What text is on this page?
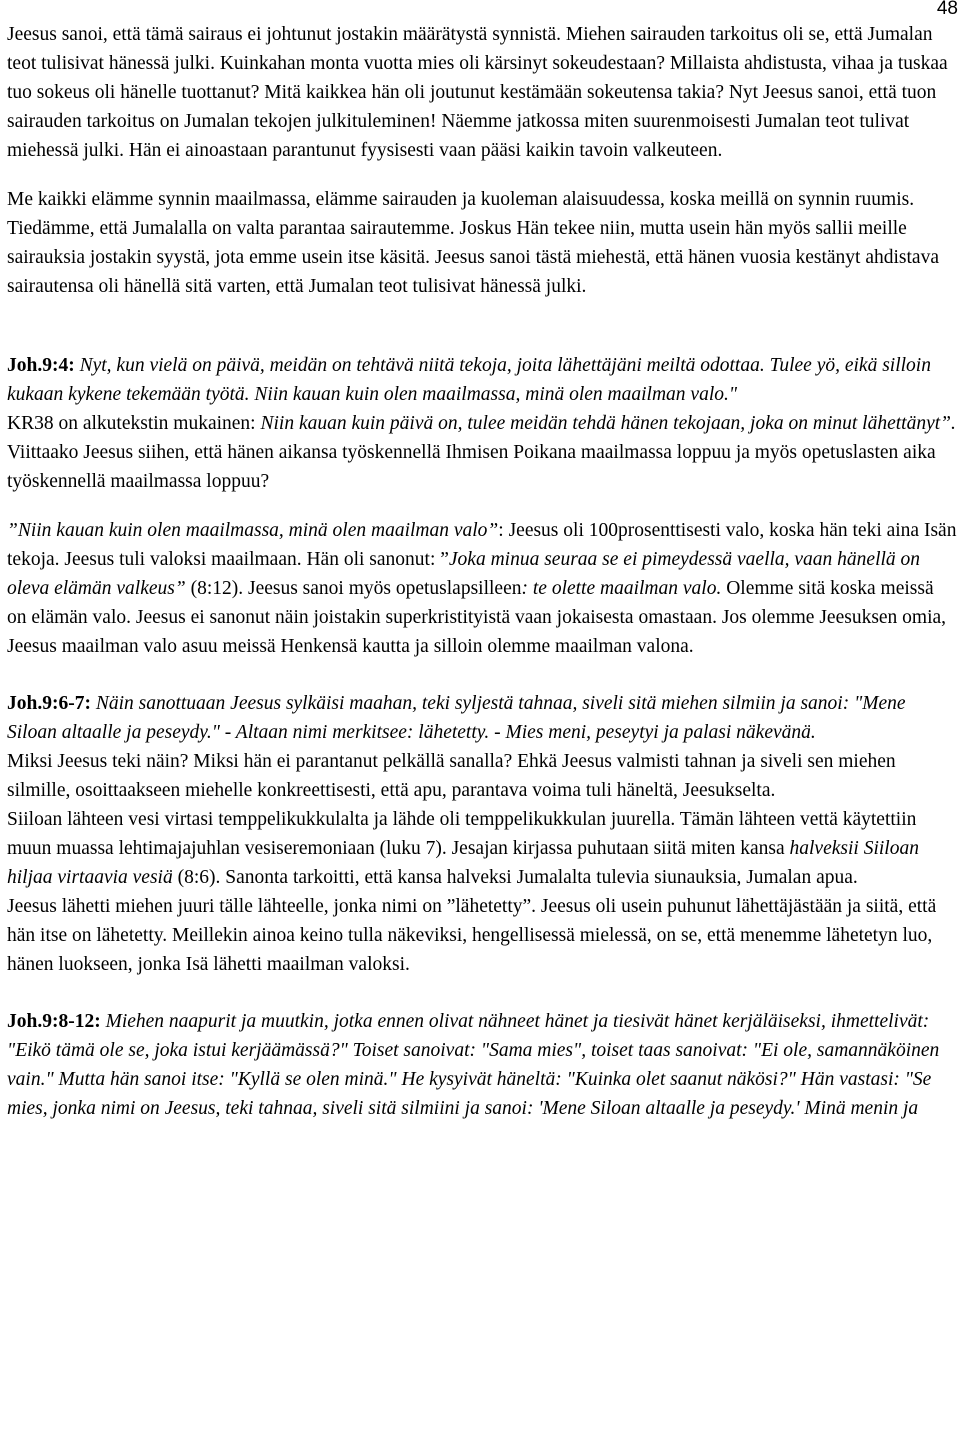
48

Jeesus sanoi, että tämä sairaus ei johtunut jostakin määrätystä synnistä. Miehen sairauden tarkoitus oli se, että Jumalan teot tulisivat hänessä julki. Kuinkahan monta vuotta mies oli kärsinyt sokeudestaan? Millaista ahdistusta, vihaa ja tuskaa tuo sokeus oli hänelle tuottanut? Mitä kaikkea hän oli joutunut kestämään sokeutensa takia? Nyt Jeesus sanoi, että tuon sairauden tarkoitus on Jumalan tekojen julkituleminen! Näemme jatkossa miten suurenmoisesti Jumalan teot tulivat miehessä julki. Hän ei ainoastaan parantunut fyysisesti vaan pääsi kaikin tavoin valkeuteen.

Me kaikki elämme synnin maailmassa, elämme sairauden ja kuoleman alaisuudessa, koska meillä on synnin ruumis. Tiedämme, että Jumalalla on valta parantaa sairautemme. Joskus Hän tekee niin, mutta usein hän myös sallii meille sairauksia jostakin syystä, jota emme usein itse käsitä. Jeesus sanoi tästä miehestä, että hänen vuosia kestänyt ahdistava sairautensa oli hänellä sitä varten, että Jumalan teot tulisivat hänessä julki.

Joh.9:4: Nyt, kun vielä on päivä, meidän on tehtävä niitä tekoja, joita lähettäjäni meiltä odottaa. Tulee yö, eikä silloin kukaan kykene tekemään työtä. Niin kauan kuin olen maailmassa, minä olen maailman valo."

KR38 on alkutekstin mukainen: Niin kauan kuin päivä on, tulee meidän tehdä hänen tekojaan, joka on minut lähettänyt”. Viittaako Jeesus siihen, että hänen aikansa työskennellä Ihmisen Poikana maailmassa loppuu ja myös opetuslasten aika työskennellä maailmassa loppuu?

”Niin kauan kuin olen maailmassa, minä olen maailman valo”: Jeesus oli 100prosenttisesti valo, koska hän teki aina Isän tekoja. Jeesus tuli valoksi maailmaan. Hän oli sanonut: ”Joka minua seuraa se ei pimeydessä vaella, vaan hänellä on oleva elämän valkeus” (8:12). Jeesus sanoi myös opetuslapsilleen: te olette maailman valo. Olemme sitä koska meissä on elämän valo. Jeesus ei sanonut näin joistakin superkristityistä vaan jokaisesta omastaan. Jos olemme Jeesuksen omia, Jeesus maailman valo asuu meissä Henkensä kautta ja silloin olemme maailman valona.

Joh.9:6-7: Näin sanottuaan Jeesus sylkäisi maahan, teki syljestä tahnaa, siveli sitä miehen silmiin ja sanoi: "Mene Siloan altaalle ja peseydy." - Altaan nimi merkitsee: lähetetty. - Mies meni, peseytyi ja palasi näkevänä.

Miksi Jeesus teki näin? Miksi hän ei parantanut pelkällä sanalla? Ehkä Jeesus valmisti tahnan ja siveli sen miehen silmille, osoittaakseen miehelle konkreettisesti, että apu, parantava voima tuli häneltä, Jeesukselta.

Siiloan lähteen vesi virtasi temppelikukkulalta ja lähde oli temppelikukkulan juurella. Tämän lähteen vettä käytettiin muun muassa lehtimajajuhlan vesiseremoniaan (luku 7). Jesajan kirjassa puhutaan siitä miten kansa halveksii Siiloan hiljaa virtaavia vesiä (8:6). Sanonta tarkoitti, että kansa halveksi Jumalalta tulevia siunauksia, Jumalan apua.

Jeesus lähetti miehen juuri tälle lähteelle, jonka nimi on ”lähetetty”. Jeesus oli usein puhunut lähettäjästään ja siitä, että hän itse on lähetetty. Meillekin ainoa keino tulla näkeviksi, hengellisessä mielessä, on se, että menemme lähetetyn luo, hänen luokseen, jonka Isä lähetti maailman valoksi.

Joh.9:8-12: Miehen naapurit ja muutkin, jotka ennen olivat nähneet hänet ja tiesivät hänet kerjäläiseksi, ihmettelivät: "Eikö tämä ole se, joka istui kerjäämässä?" Toiset sanoivat: "Sama mies", toiset taas sanoivat: "Ei ole, samannäköinen vain." Mutta hän sanoi itse: "Kyllä se olen minä." He kysyivät häneltä: "Kuinka olet saanut näkösi?" Hän vastasi: "Se mies, jonka nimi on Jeesus, teki tahnaa, siveli sitä silmiini ja sanoi: 'Mene Siloan altaalle ja peseydy.' Minä menin ja
